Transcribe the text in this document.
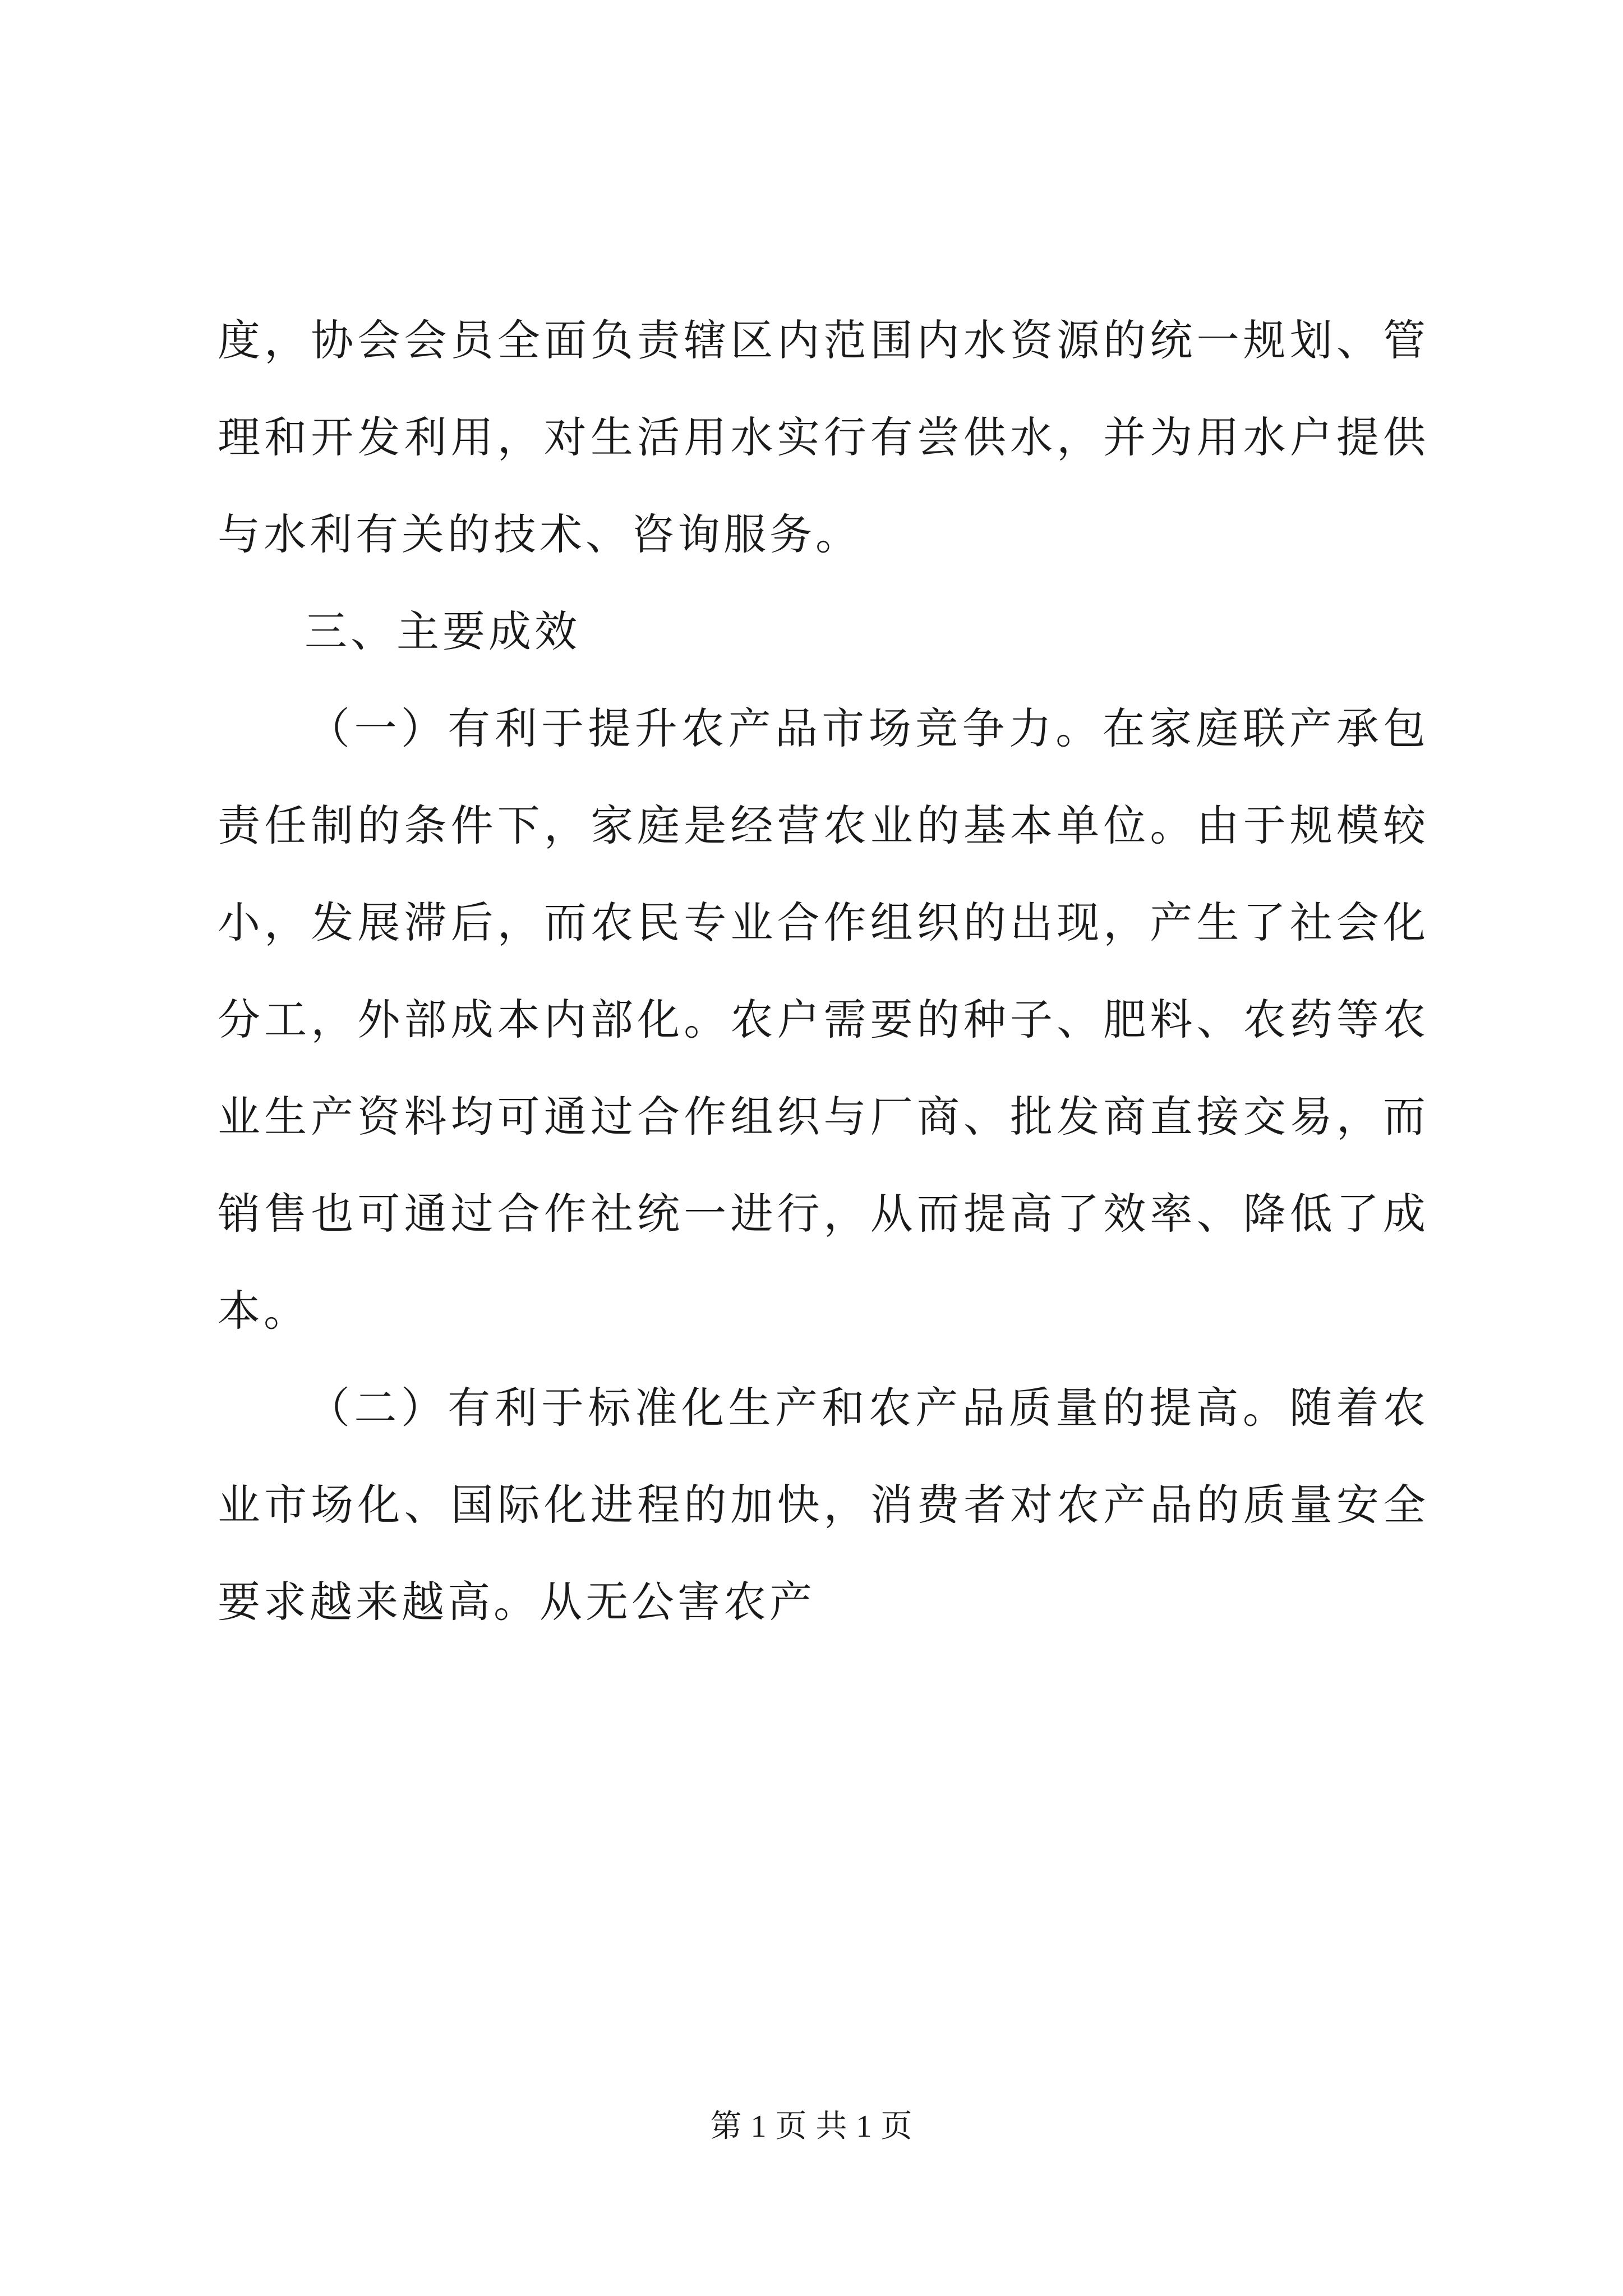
度，协会会员全面负责辖区内范围内水资源的统一规划、管理和开发利用，对生活用水实行有尝供水，并为用水户提供与水利有关的技术、咨询服务。

三、主要成效

（一）有利于提升农产品市场竞争力。在家庭联产承包责任制的条件下，家庭是经营农业的基本单位。由于规模较小，发展滞后，而农民专业合作组织的出现，产生了社会化分工，外部成本内部化。农户需要的种子、肥料、农药等农业生产资料均可通过合作组织与厂商、批发商直接交易，而销售也可通过合作社统一进行，从而提高了效率、降低了成本。

（二）有利于标准化生产和农产品质量的提高。随着农业市场化、国际化进程的加快，消费者对农产品的质量安全要求越来越高。从无公害农产

第 1 页 共 1 页
